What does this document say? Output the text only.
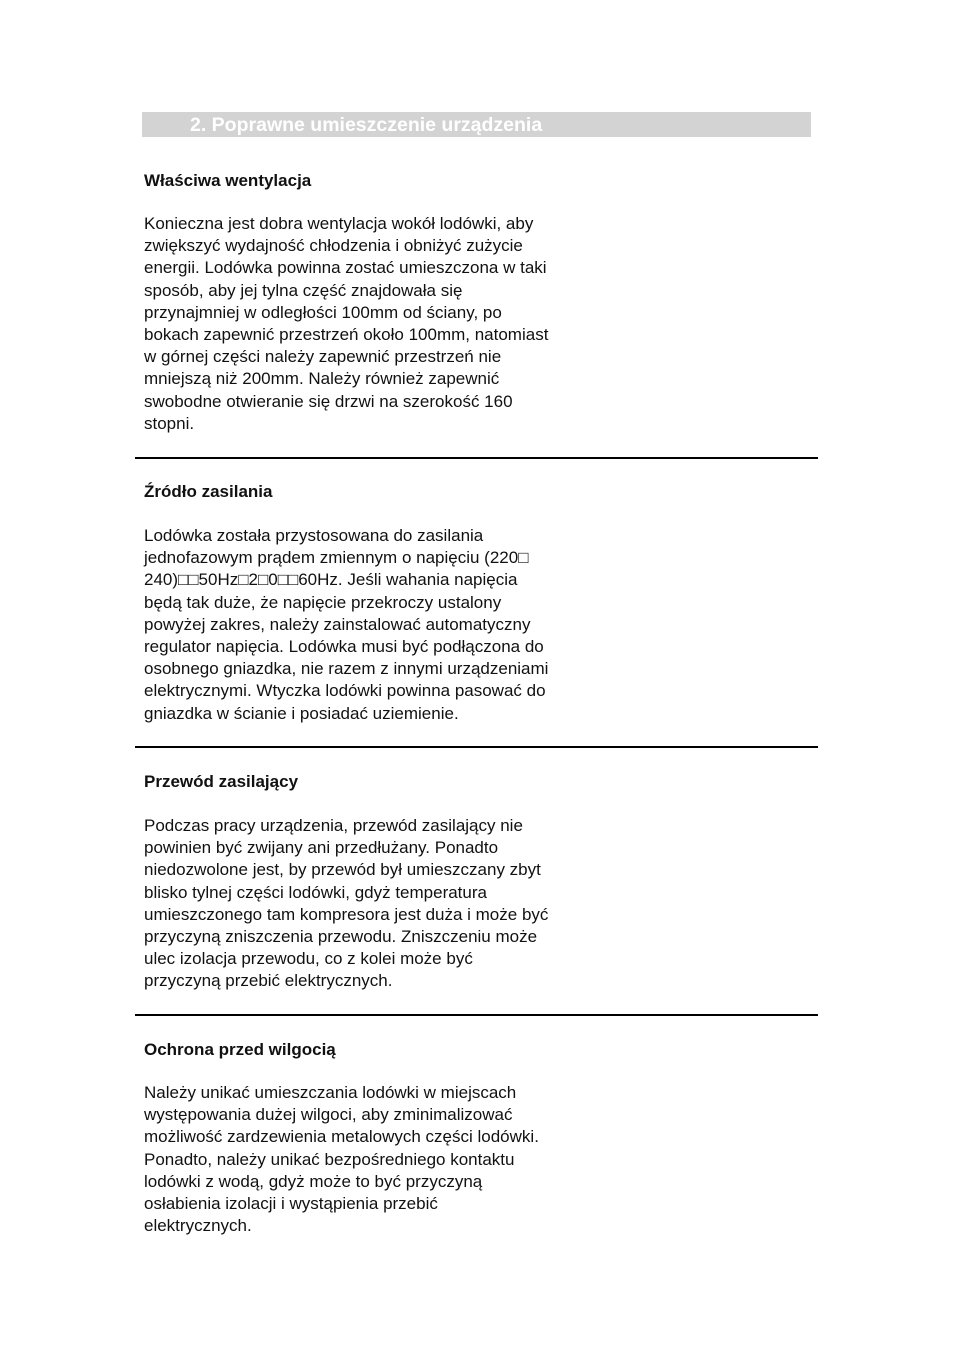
2. Poprawne umieszczenie urządzenia
Właściwa wentylacja
Konieczna jest dobra wentylacja wokół lodówki, aby
zwiększyć wydajność chłodzenia i obniżyć zużycie
energii. Lodówka powinna zostać umieszczona w taki
sposób, aby jej tylna część znajdowała się
przynajmniej w odległości 100mm od ściany, po
bokach zapewnić przestrzeń około 100mm, natomiast
w górnej części należy zapewnić przestrzeń nie
mniejszą niż 200mm. Należy również zapewnić
swobodne otwieranie się drzwi na szerokość 160
stopni.
Źródło zasilania
Lodówka została przystosowana do zasilania
jednofazowym prądem zmiennym o napięciu (220□
240)□□50Hz□2□0□□60Hz. Jeśli wahania napięcia
będą tak duże, że napięcie przekroczy ustalony
powyżej zakres, należy zainstalować automatyczny
regulator napięcia. Lodówka musi być podłączona do
osobnego gniazdka, nie razem z innymi urządzeniami
elektrycznymi. Wtyczka lodówki powinna pasować do
gniazdka w ścianie i posiadać uziemienie.
Przewód zasilający
Podczas pracy urządzenia, przewód zasilający nie
powinien być zwijany ani przedłużany. Ponadto
niedozwolone jest, by przewód był umieszczany zbyt
blisko tylnej części lodówki, gdyż temperatura
umieszczonego tam kompresora jest duża i może być
przyczyną zniszczenia przewodu. Zniszczeniu może
ulec izolacja przewodu, co z kolei może być
przyczyną przebić elektrycznych.
Ochrona przed wilgocią
Należy unikać umieszczania lodówki w miejscach
występowania dużej wilgoci, aby zminimalizować
możliwość zardzewienia metalowych części lodówki.
Ponadto, należy unikać bezpośredniego kontaktu
lodówki z wodą, gdyż może to być przyczyną
osłabienia izolacji i wystąpienia przebić
elektrycznych.
